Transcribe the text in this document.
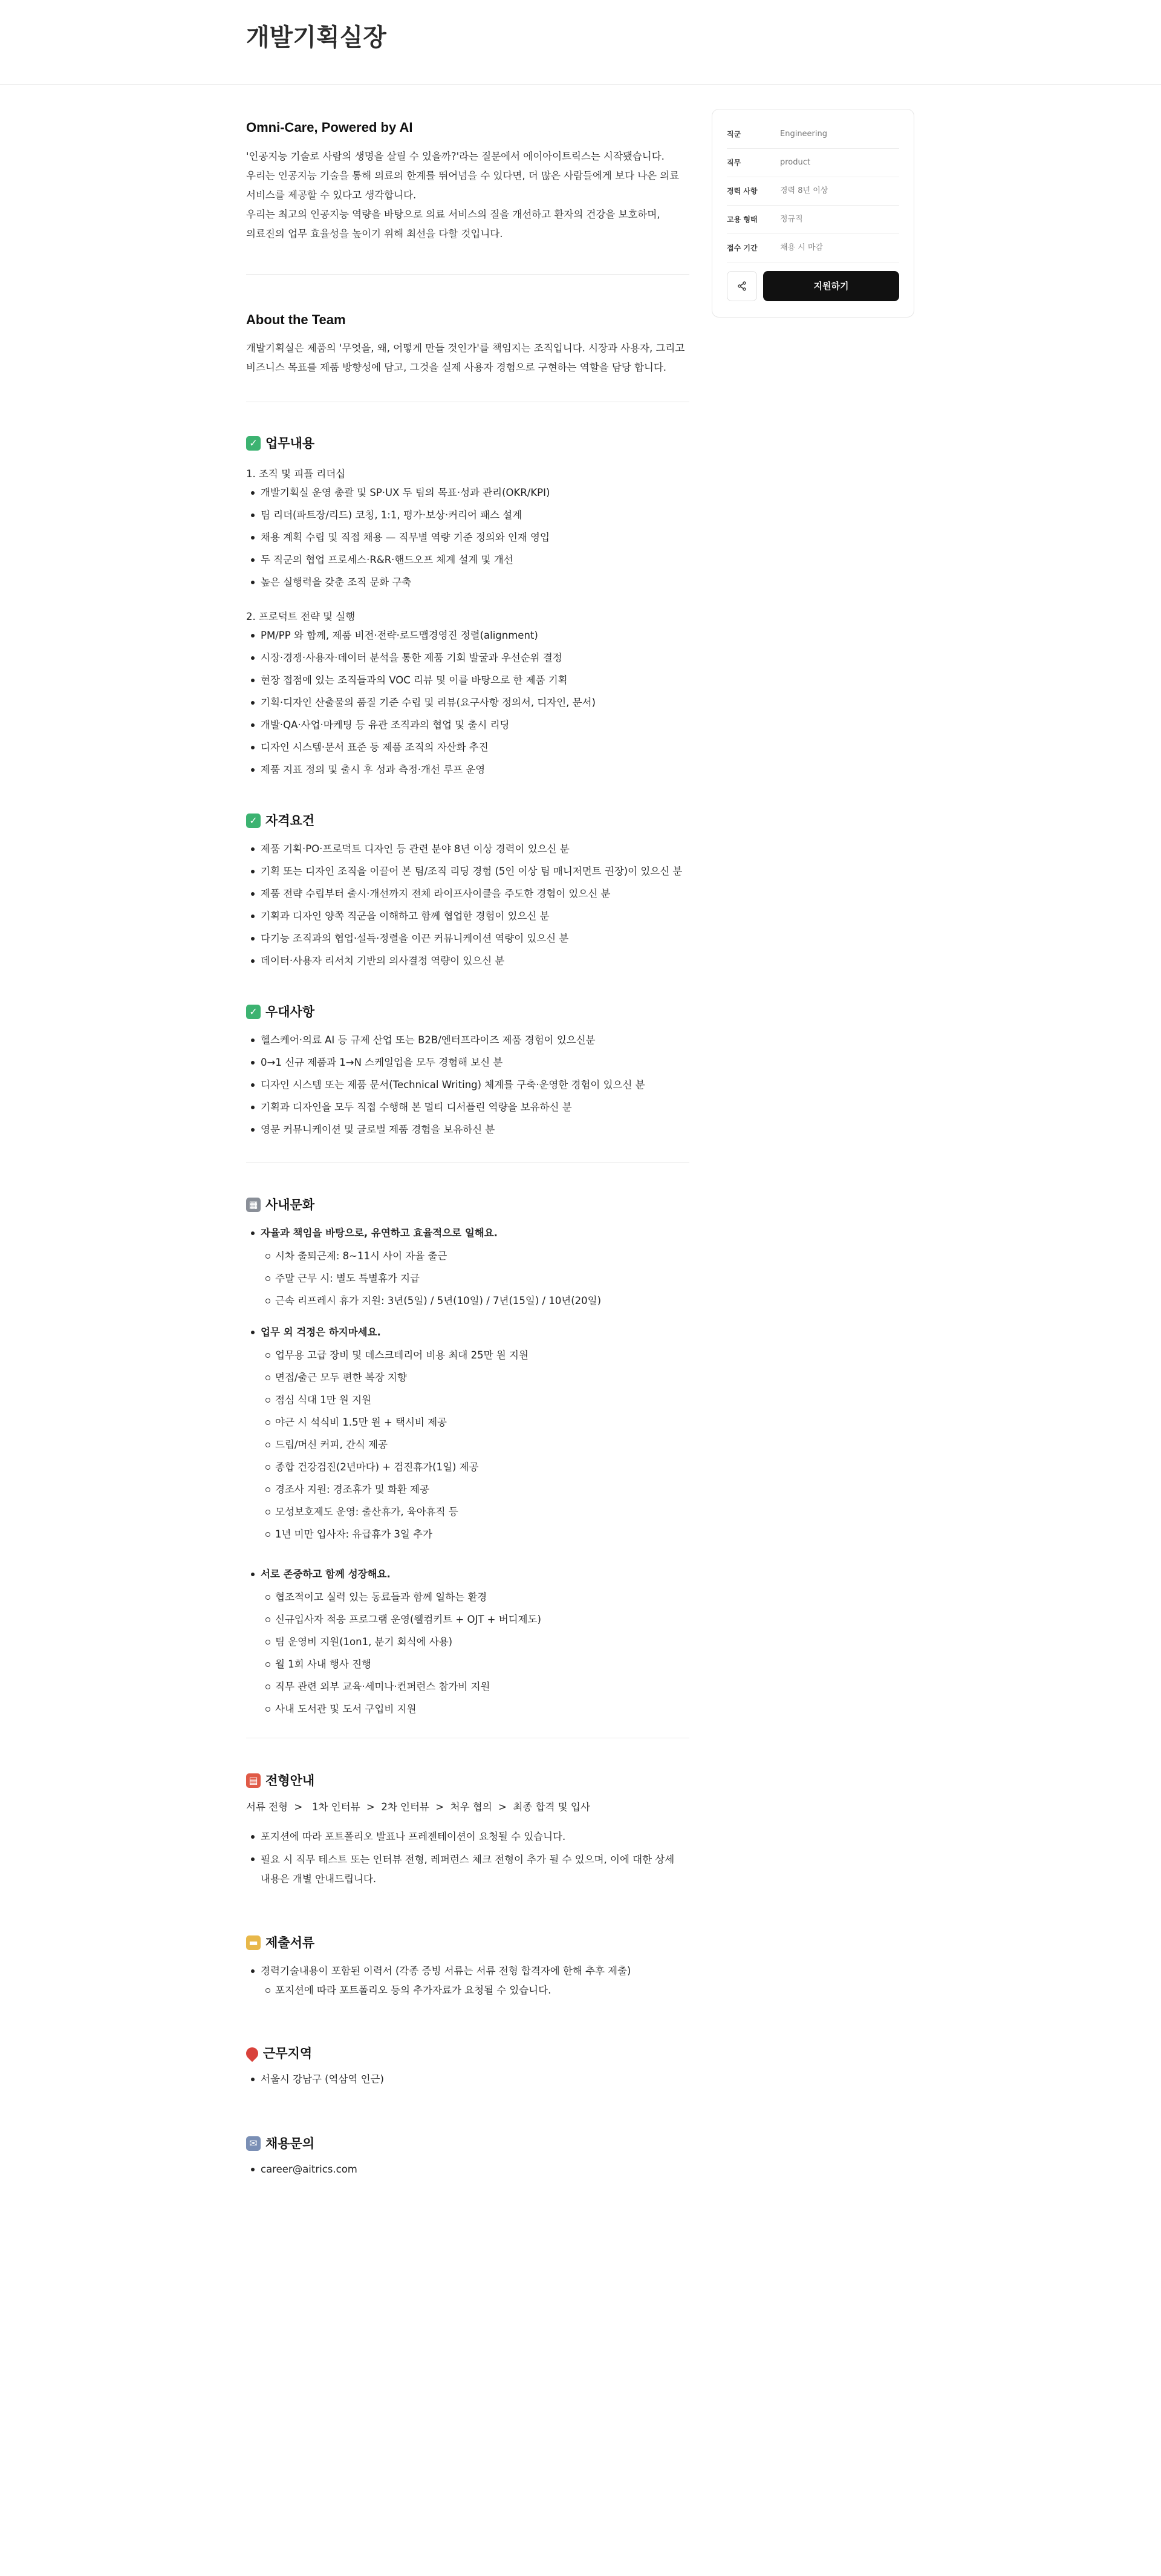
개발기획실장
Omni-Care, Powered by AI

'인공지능 기술로 사람의 생명을 살릴 수 있을까?'라는 질문에서 에이아이트릭스는 시작됐습니다.
우리는 인공지능 기술을 통해 의료의 한계를 뛰어넘을 수 있다면, 더 많은 사람들에게 보다 나은 의료
서비스를 제공할 수 있다고 생각합니다.
우리는 최고의 인공지능 역량을 바탕으로 의료 서비스의 질을 개선하고 환자의 건강을 보호하며,
의료진의 업무 효율성을 높이기 위해 최선을 다할 것입니다.

About the Team

개발기획실은 제품의 '무엇을, 왜, 어떻게 만들 것인가'를 책임지는 조직입니다. 시장과 사용자, 그리고
비즈니스 목표를 제품 방향성에 담고, 그것을 실제 사용자 경험으로 구현하는 역할을 담당 합니다.

✓ 업무내용
1. 조직 및 피플 리더십
개발기획실 운영 총괄 및 SP·UX 두 팀의 목표·성과 관리(OKR/KPI)
팀 리더(파트장/리드) 코칭, 1:1, 평가·보상·커리어 패스 설계
채용 계획 수립 및 직접 채용 — 직무별 역량 기준 정의와 인재 영입
두 직군의 협업 프로세스·R&R·핸드오프 체계 설계 및 개선
높은 실행력을 갖춘 조직 문화 구축
2. 프로덕트 전략 및 실행
PM/PP 와 함께, 제품 비전·전략·로드맵경영진 정렬(alignment)
시장·경쟁·사용자·데이터 분석을 통한 제품 기회 발굴과 우선순위 결정
현장 접점에 있는 조직들과의 VOC 리뷰 및 이를 바탕으로 한 제품 기획
기획·디자인 산출물의 품질 기준 수립 및 리뷰(요구사항 정의서, 디자인, 문서)
개발·QA·사업·마케팅 등 유관 조직과의 협업 및 출시 리딩
디자인 시스템·문서 표준 등 제품 조직의 자산화 추진
제품 지표 정의 및 출시 후 성과 측정·개선 루프 운영
✓ 자격요건
제품 기획·PO·프로덕트 디자인 등 관련 분야 8년 이상 경력이 있으신 분
기획 또는 디자인 조직을 이끌어 본 팀/조직 리딩 경험 (5인 이상 팀 매니저먼트 권장)이 있으신 분
제품 전략 수립부터 출시·개선까지 전체 라이프사이클을 주도한 경험이 있으신 분
기획과 디자인 양쪽 직군을 이해하고 함께 협업한 경험이 있으신 분
다기능 조직과의 협업·설득·정렬을 이끈 커뮤니케이션 역량이 있으신 분
데이터·사용자 리서치 기반의 의사결정 역량이 있으신 분
✓ 우대사항
헬스케어·의료 AI 등 규제 산업 또는 B2B/엔터프라이즈 제품 경험이 있으신분
0→1 신규 제품과 1→N 스케일업을 모두 경험해 보신 분
디자인 시스템 또는 제품 문서(Technical Writing) 체계를 구축·운영한 경험이 있으신 분
기획과 디자인을 모두 직접 수행해 본 멀티 디서플린 역량을 보유하신 분
영문 커뮤니케이션 및 글로벌 제품 경험을 보유하신 분
▦ 사내문화
자율과 책임을 바탕으로, 유연하고 효율적으로 일해요.
시차 출퇴근제: 8~11시 사이 자율 출근
주말 근무 시: 별도 특별휴가 지급
근속 리프레시 휴가 지원: 3년(5일) / 5년(10일) / 7년(15일) / 10년(20일)
업무 외 걱정은 하지마세요.
업무용 고급 장비 및 데스크테리어 비용 최대 25만 원 지원
면접/출근 모두 편한 복장 지향
점심 식대 1만 원 지원
야근 시 석식비 1.5만 원 + 택시비 제공
드립/머신 커피, 간식 제공
종합 건강검진(2년마다) + 검진휴가(1일) 제공
경조사 지원: 경조휴가 및 화환 제공
모성보호제도 운영: 출산휴가, 육아휴직 등
1년 미만 입사자: 유급휴가 3일 추가
서로 존중하고 함께 성장해요.
협조적이고 실력 있는 동료들과 함께 일하는 환경
신규입사자 적응 프로그램 운영(웰컴키트 + OJT + 버디제도)
팀 운영비 지원(1on1, 분기 회식에 사용)
월 1회 사내 행사 진행
직무 관련 외부 교육·세미나·컨퍼런스 참가비 지원
사내 도서관 및 도서 구입비 지원
▤ 전형안내
서류 전형  >   1차 인터뷰  >  2차 인터뷰  >  처우 협의  >  최종 합격 및 입사
포지션에 따라 포트폴리오 발표나 프레젠테이션이 요청될 수 있습니다.
필요 시 직무 테스트 또는 인터뷰 전형, 레퍼런스 체크 전형이 추가 될 수 있으며, 이에 대한 상세
내용은 개별 안내드립니다.
▬ 제출서류
경력기술내용이 포함된 이력서 (각종 증빙 서류는 서류 전형 합격자에 한해 추후 제출)
포지션에 따라 포트폴리오 등의 추가자료가 요청될 수 있습니다.
근무지역
서울시 강남구 (역삼역 인근)
✉ 채용문의
career@aitrics.com
직군	Engineering
직무	product
경력 사항	경력 8년 이상
고용 형태	정규직
접수 기간	채용 시 마감
지원하기
